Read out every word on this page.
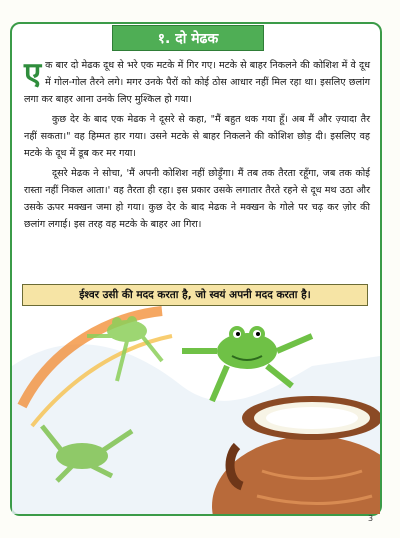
१. दो मेढक

एक बार दो मेढक दूध से भरे एक मटके में गिर गए। मटके से बाहर निकलने की कोशिश में वे दूध में गोल-गोल तैरने लगे। मगर उनके पैरों को कोई ठोस आधार नहीं मिल रहा था। इसलिए छलांग लगा कर बाहर आना उनके लिए मुश्किल हो गया।

कुछ देर के बाद एक मेढक ने दूसरे से कहा, "मैं बहुत थक गया हूँ। अब मैं और ज़्यादा तैर नहीं सकता।" वह हिम्मत हार गया। उसने मटके से बाहर निकलने की कोशिश छोड़ दी। इसलिए वह मटके के दूध में डूब कर मर गया।

दूसरे मेढक ने सोचा, 'मैं अपनी कोशिश नहीं छोड़ूँगा। मैं तब तक तैरता रहूँगा, जब तक कोई रास्ता नहीं निकल आता।' वह तैरता ही रहा। इस प्रकार उसके लगातार तैरते रहने से दूध मथ उठा और उसके ऊपर मक्खन जमा हो गया। कुछ देर के बाद मेढक ने मक्खन के गोले पर चढ़ कर ज़ोर की छलांग लगाई। इस तरह वह मटके के बाहर आ गिरा।

ईश्वर उसी की मदद करता है, जो स्वयं अपनी मदद करता है।
3
